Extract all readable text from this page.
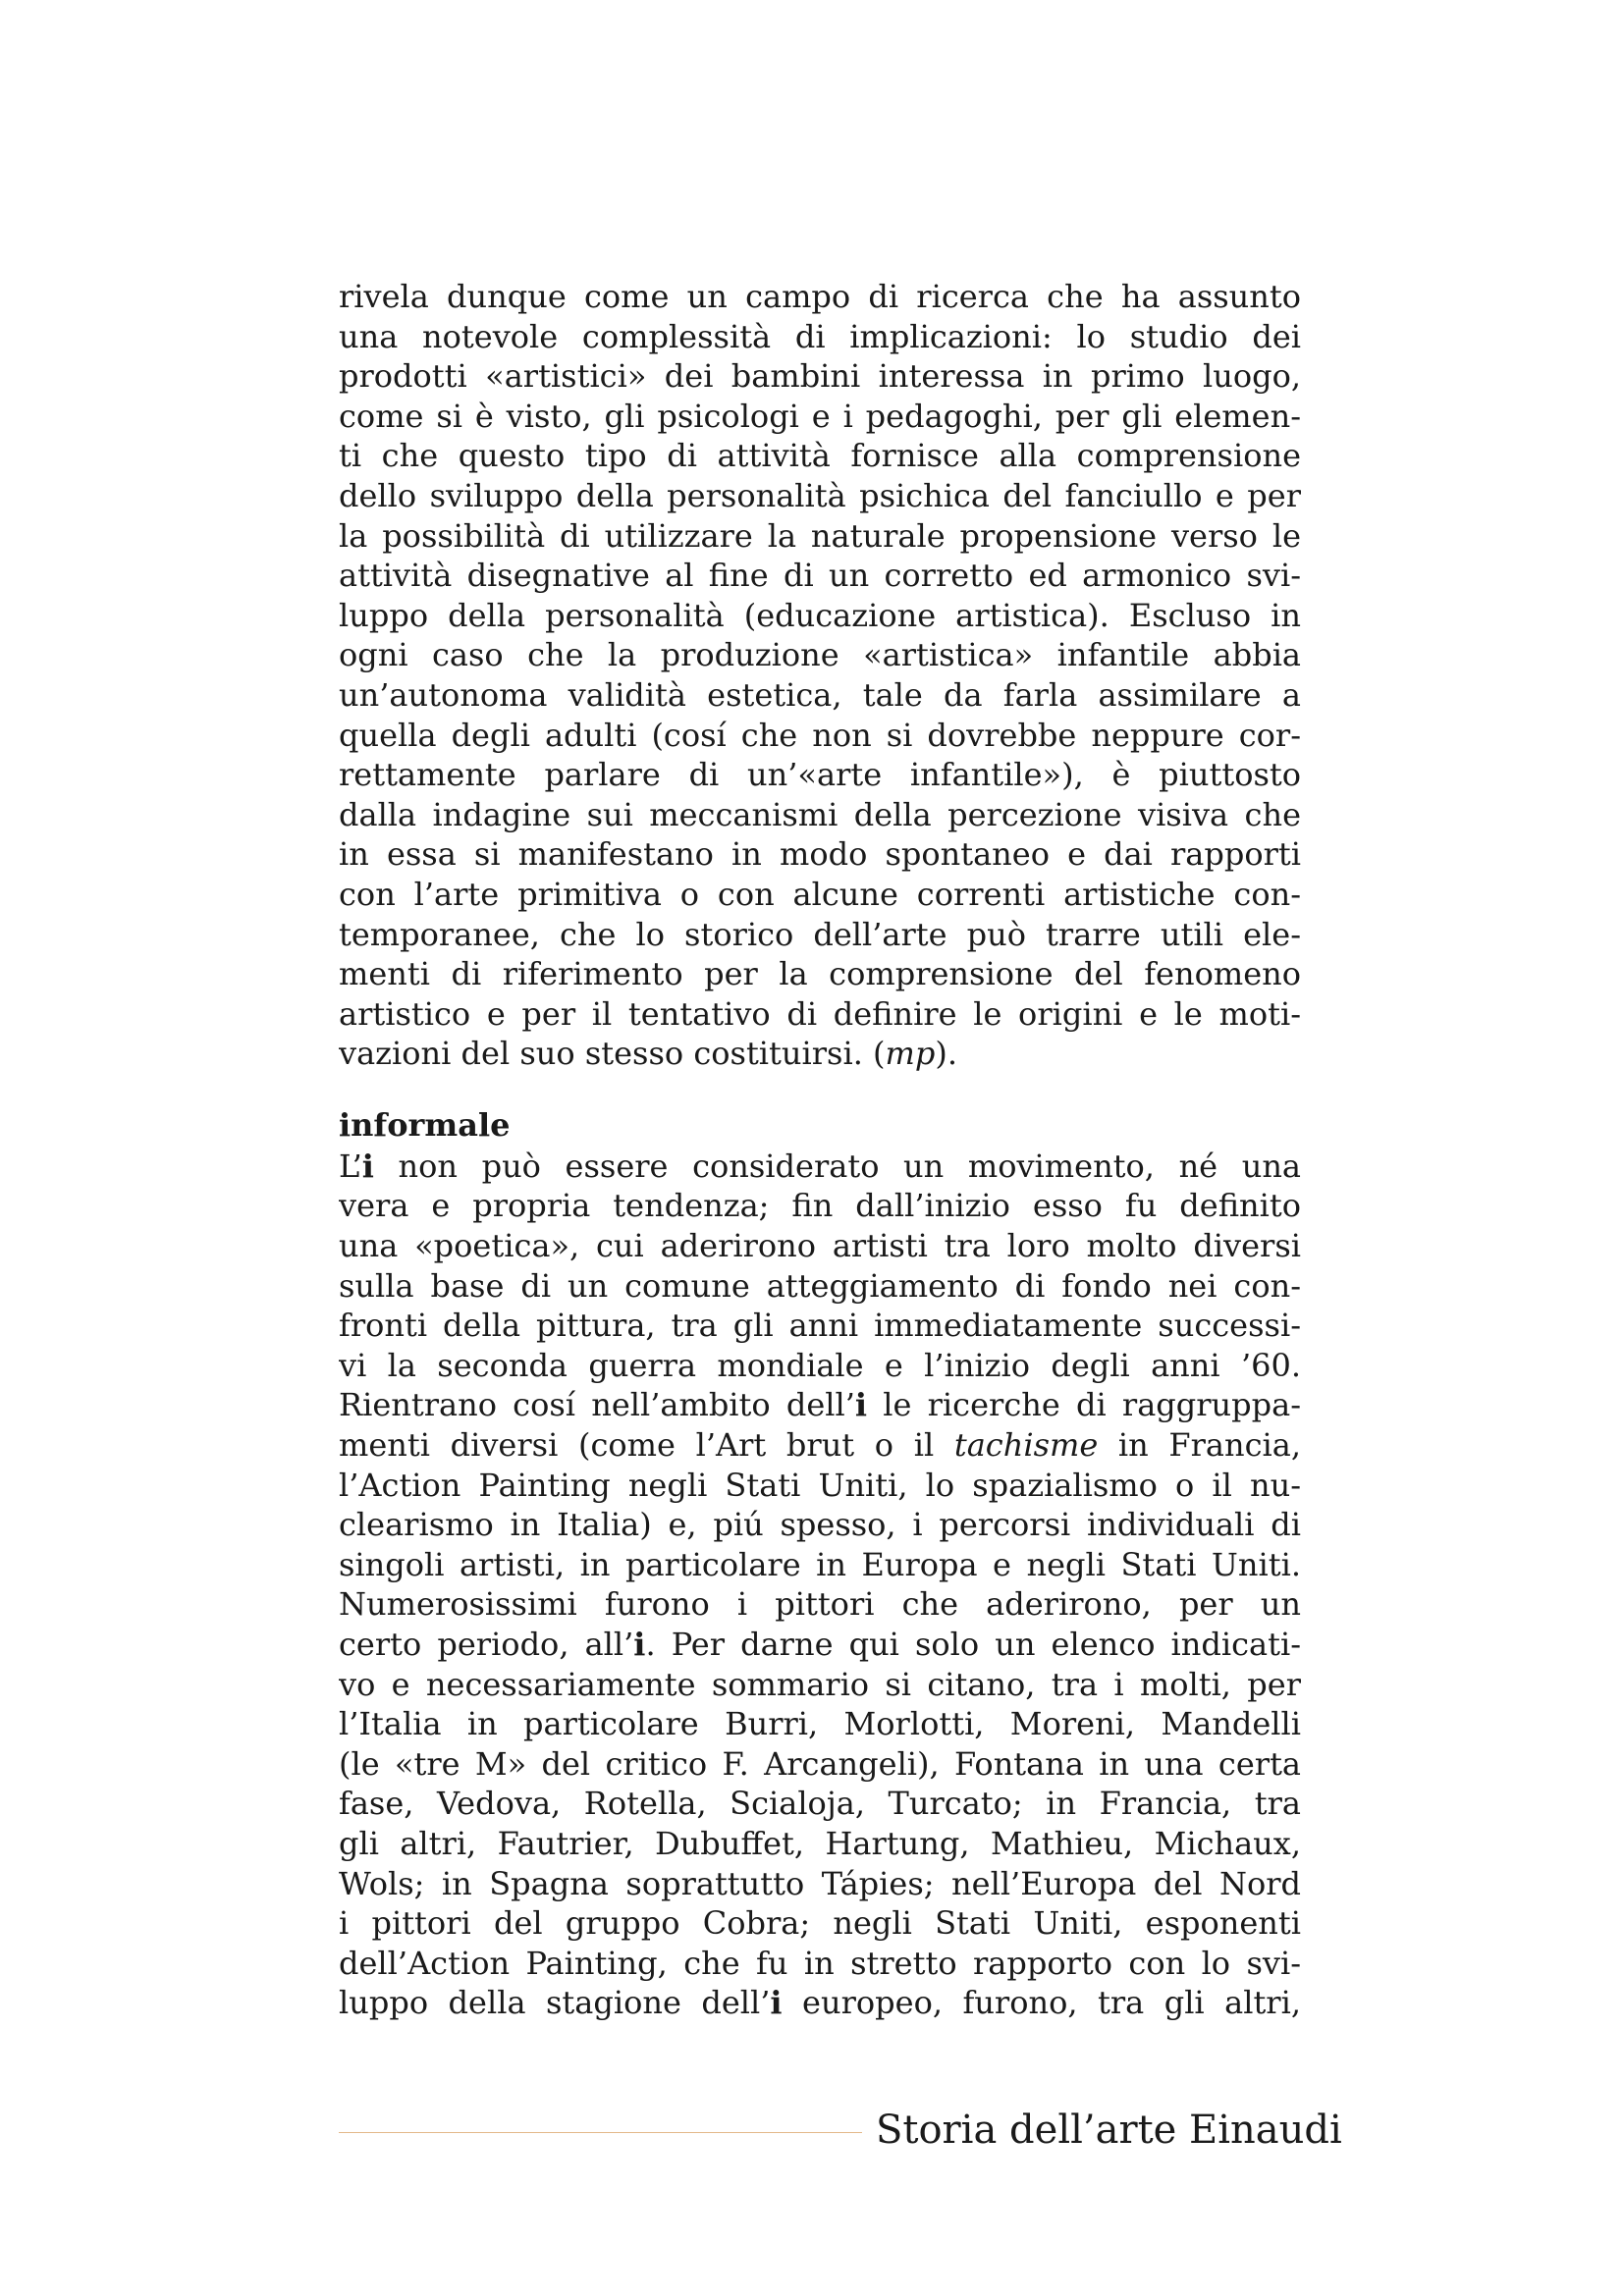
rivela dunque come un campo di ricerca che ha assunto
una notevole complessità di implicazioni: lo studio dei
prodotti «artistici» dei bambini interessa in primo luogo,
come si è visto, gli psicologi e i pedagoghi, per gli elemen-
ti che questo tipo di attività fornisce alla comprensione
dello sviluppo della personalità psichica del fanciullo e per
la possibilità di utilizzare la naturale propensione verso le
attività disegnative al fine di un corretto ed armonico svi-
luppo della personalità (educazione artistica). Escluso in
ogni caso che la produzione «artistica» infantile abbia
un’autonoma validità estetica, tale da farla assimilare a
quella degli adulti (cosí che non si dovrebbe neppure cor-
rettamente parlare di un’«arte infantile»), è piuttosto
dalla indagine sui meccanismi della percezione visiva che
in essa si manifestano in modo spontaneo e dai rapporti
con l’arte primitiva o con alcune correnti artistiche con-
temporanee, che lo storico dell’arte può trarre utili ele-
menti di riferimento per la comprensione del fenomeno
artistico e per il tentativo di definire le origini e le moti-
vazioni del suo stesso costituirsi. (mp).
informale
L’i non può essere considerato un movimento, né una
vera e propria tendenza; fin dall’inizio esso fu definito
una «poetica», cui aderirono artisti tra loro molto diversi
sulla base di un comune atteggiamento di fondo nei con-
fronti della pittura, tra gli anni immediatamente successi-
vi la seconda guerra mondiale e l’inizio degli anni ’60.
Rientrano cosí nell’ambito dell’i le ricerche di raggruppa-
menti diversi (come l’Art brut o il tachisme in Francia,
l’Action Painting negli Stati Uniti, lo spazialismo o il nu-
clearismo in Italia) e, piú spesso, i percorsi individuali di
singoli artisti, in particolare in Europa e negli Stati Uniti.
Numerosissimi furono i pittori che aderirono, per un
certo periodo, all’i. Per darne qui solo un elenco indicati-
vo e necessariamente sommario si citano, tra i molti, per
l’Italia in particolare Burri, Morlotti, Moreni, Mandelli
(le «tre M» del critico F. Arcangeli), Fontana in una certa
fase, Vedova, Rotella, Scialoja, Turcato; in Francia, tra
gli altri, Fautrier, Dubuffet, Hartung, Mathieu, Michaux,
Wols; in Spagna soprattutto Tápies; nell’Europa del Nord
i pittori del gruppo Cobra; negli Stati Uniti, esponenti
dell’Action Painting, che fu in stretto rapporto con lo svi-
luppo della stagione dell’i europeo, furono, tra gli altri,
Storia dell’arte Einaudi
